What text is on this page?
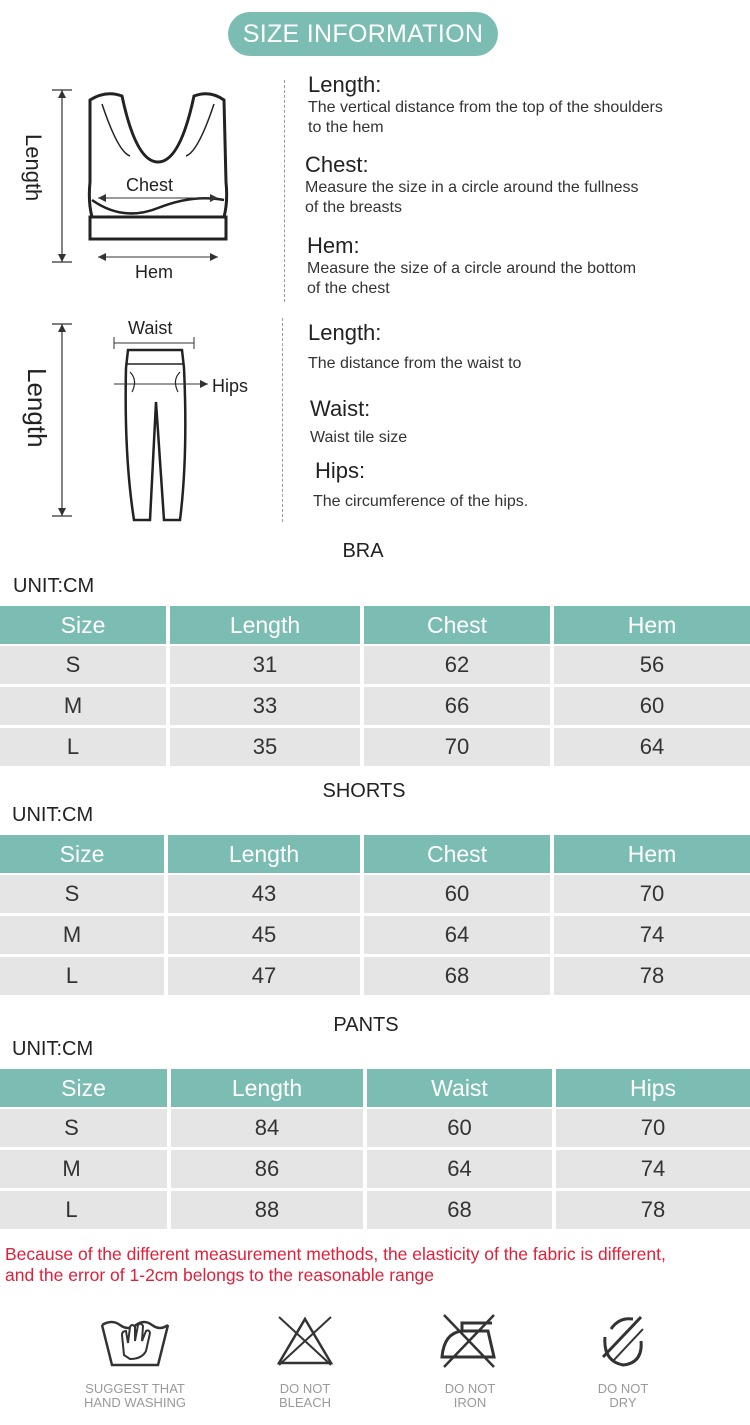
SIZE INFORMATION
Length	Chest
Hem
Length:
The vertical distance from the top of the shoulders
to the hem
Chest:
Measure the size in a circle around the fullness
of the breasts
Hem:
Measure the size of a circle around the bottom
of the chest
Length
Waist
Hips
Length:
The distance from the waist to
Waist:
Waist tile size
Hips:
The circumference of the hips.
BRA
UNIT:CM
Size	Length	Chest	Hem
S	31	62	56
M	33	66	60
L	35	70	64
SHORTS
UNIT:CM
Size	Length	Chest	Hem
S	43	60	70
M	45	64	74
L	47	68	78
PANTS
UNIT:CM
Size	Length	Waist	Hips
S	84	60	70
M	86	64	74
L	88	68	78
Because of the different measurement methods, the elasticity of the fabric is different,
and the error of 1-2cm belongs to the reasonable range
SUGGEST THAT
HAND WASHING
DO NOT
BLEACH
DO NOT
IRON
DO NOT
DRY
